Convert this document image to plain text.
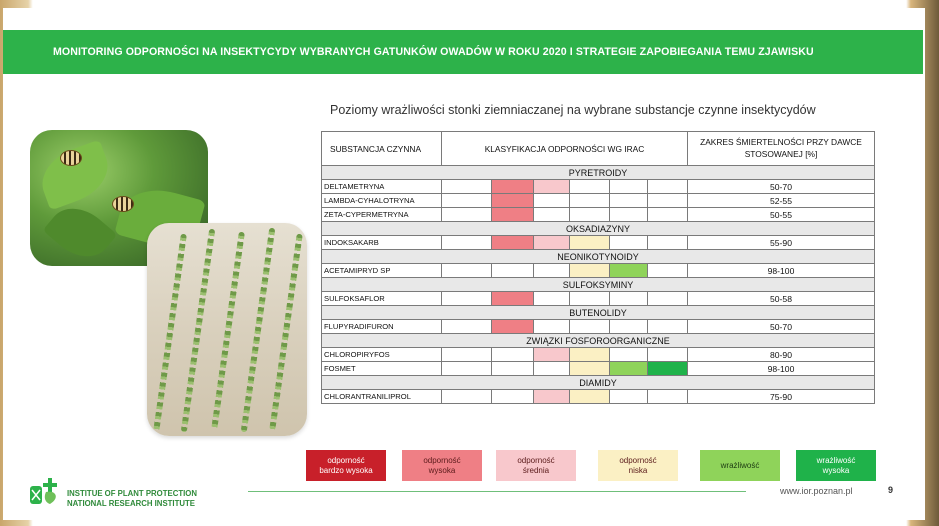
MONITORING ODPORNOŚCI NA INSEKTYCYDY WYBRANYCH GATUNKÓW OWADÓW W ROKU 2020 I STRATEGIE ZAPOBIEGANIA TEMU ZJAWISKU
Poziomy wrażliwości stonki ziemniaczanej na wybrane substancje czynne insektycydów
SUBSTANCJA CZYNNA	KLASYFIKACJA ODPORNOŚCI WG IRAC						ZAKRES ŚMIERTELNOŚCI PRZY DAWCE STOSOWANEJ [%]
PYRETROIDY							
DELTAMETRYNA							50-70
LAMBDA-CYHALOTRYNA							52-55
ZETA-CYPERMETRYNA							50-55
OKSADIAZYNY							
INDOKSAKARB							55-90
NEONIKOTYNOIDY							
ACETAMIPRYD SP							98-100
SULFOKSYMINY							
SULFOKSAFLOR							50-58
BUTENOLIDY							
FLUPYRADIFURON							50-70
ZWIĄZKI FOSFOROORGANICZNE							
CHLOROPIRYFOS							80-90
FOSMET							98-100
DIAMIDY							
CHLORANTRANILIPROL							75-90
odporność
bardzo wysoka
odporność
wysoka
odporność
średnia
odporność
niska
wrażliwość
wrażliwość
wysoka
INSTITUE OF PLANT PROTECTION
NATIONAL RESEARCH INSTITUTE
www.ior.poznan.pl	9
